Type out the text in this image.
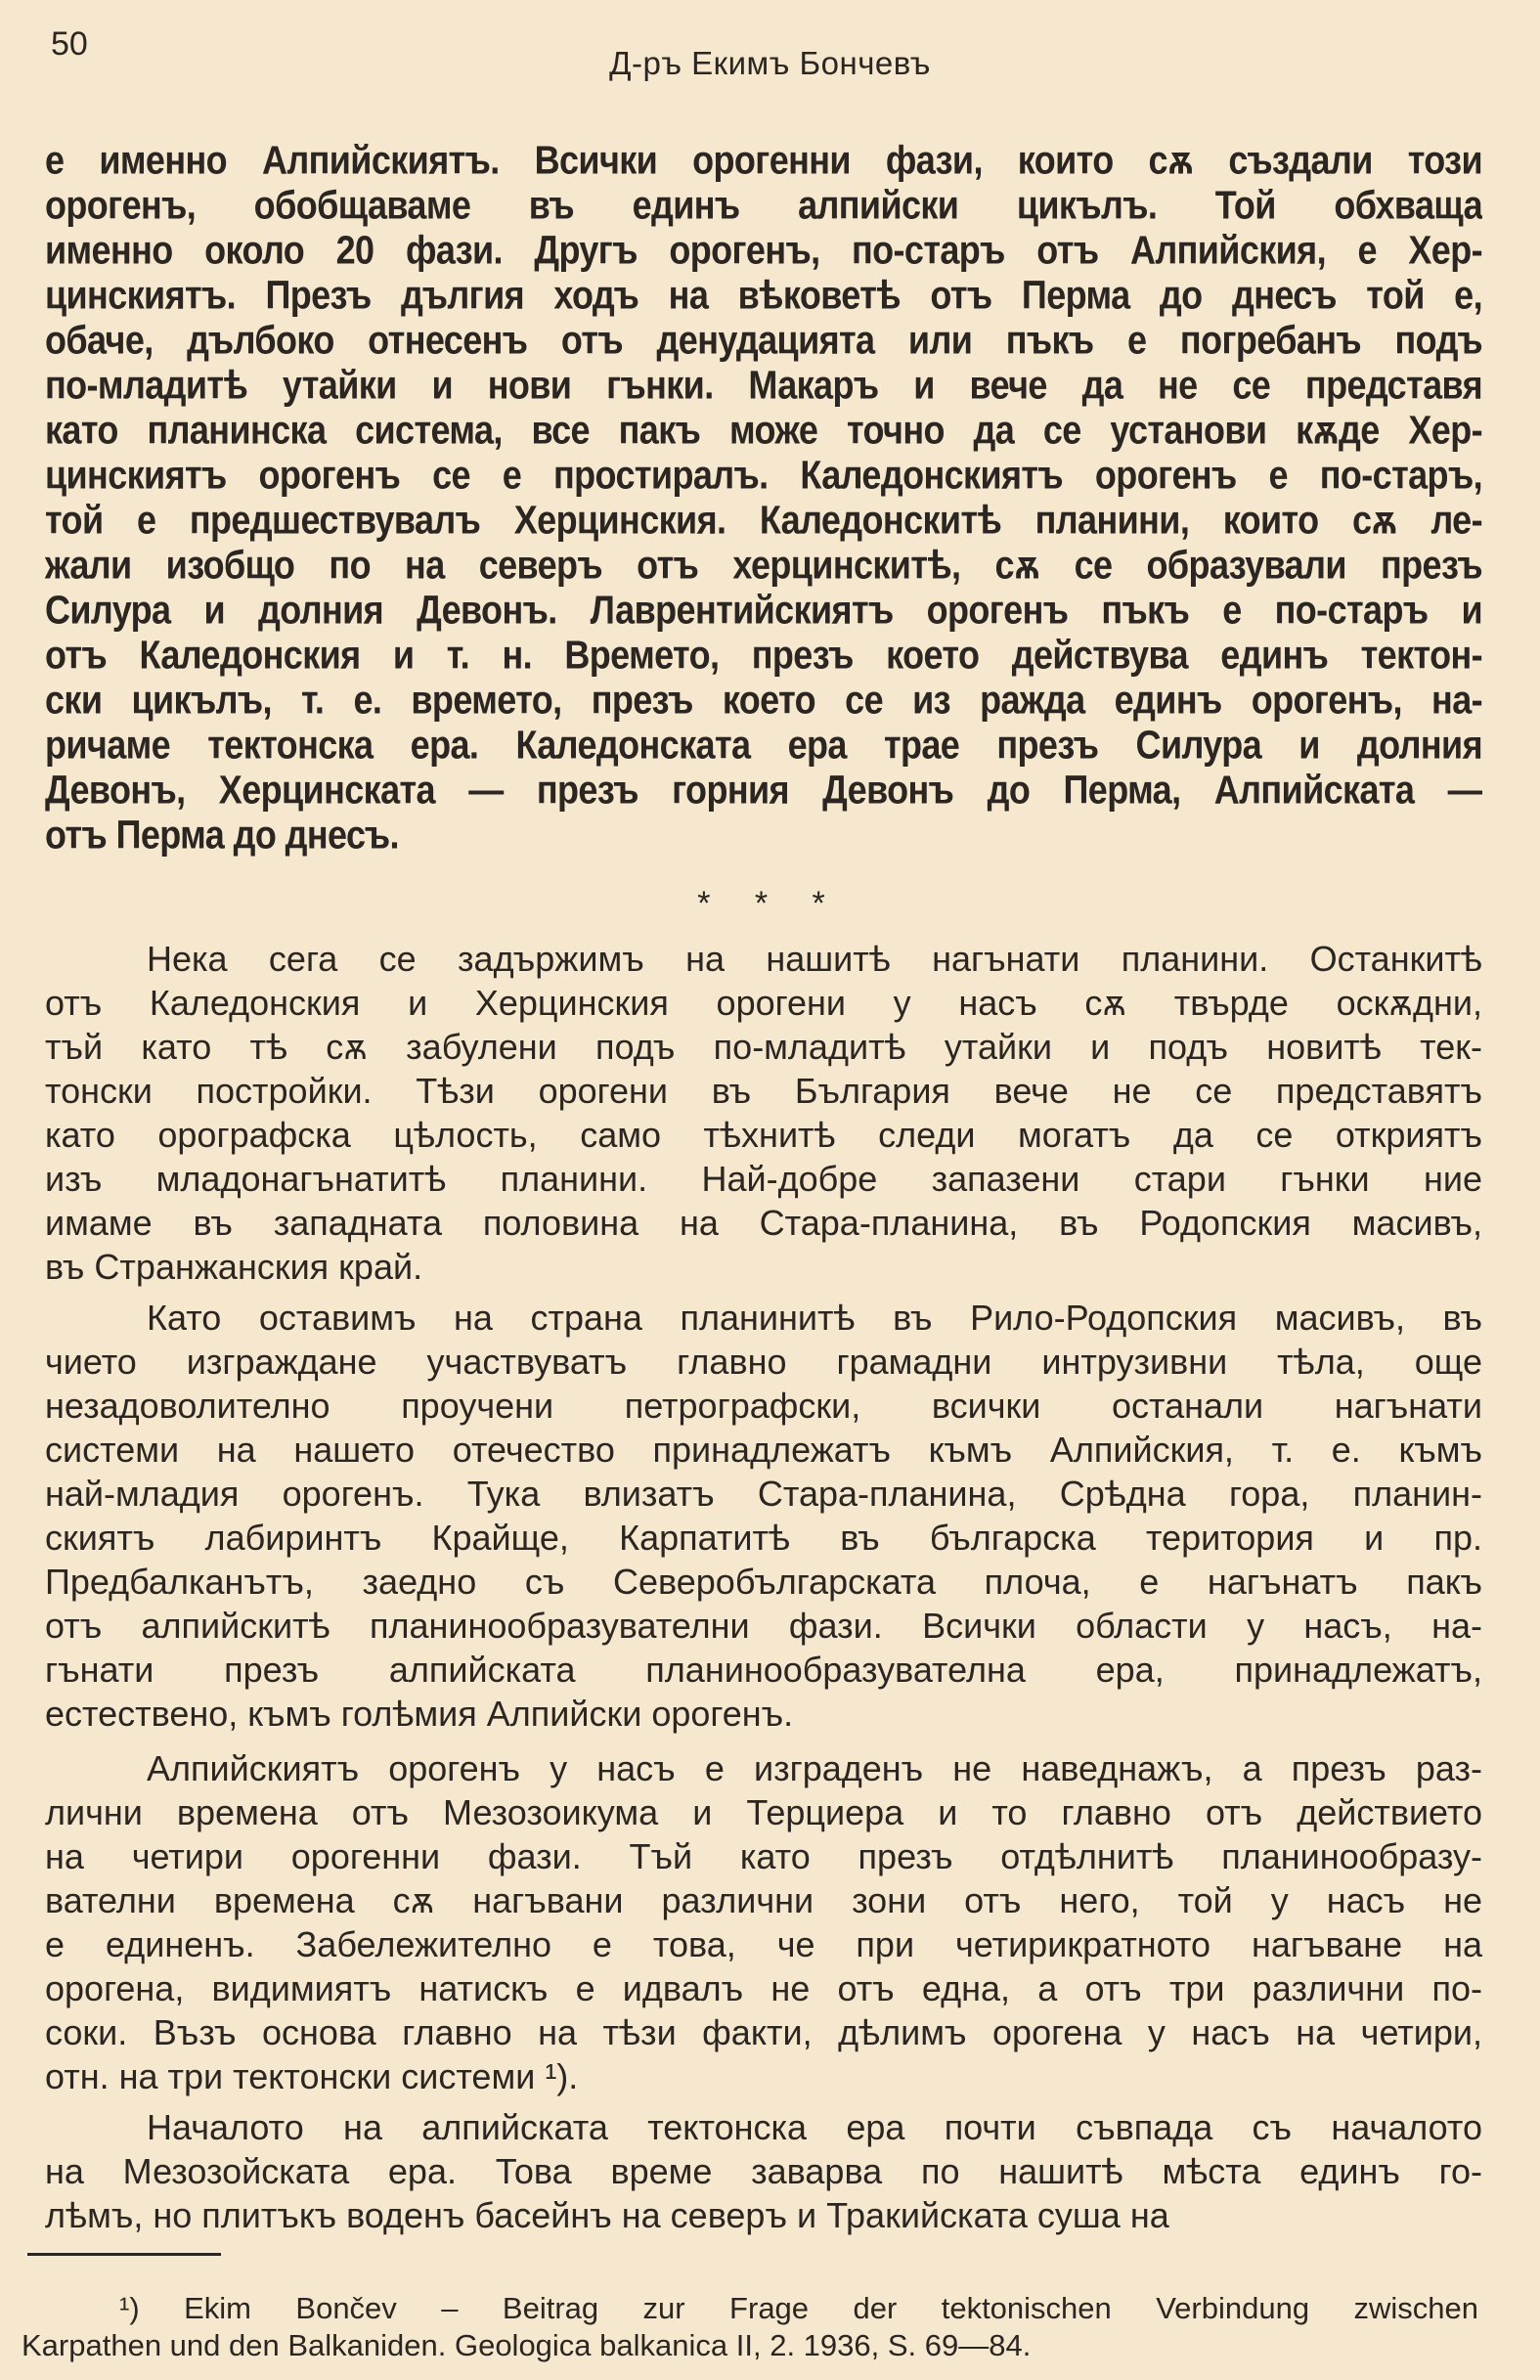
50
Д-ръ Екимъ Бончевъ
е именно Алпийскиятъ. Всички орогенни фази, които сѫ създали този
орогенъ, обобщаваме въ единъ алпийски цикълъ. Той обхваща
именно около 20 фази. Другъ орогенъ, по-старъ отъ Алпийския, е Хер-
цинскиятъ. Презъ дългия ходъ на вѣковетѣ отъ Перма до днесъ той е,
обаче, дълбоко отнесенъ отъ денудацията или пъкъ е погребанъ подъ
по-младитѣ утайки и нови гънки. Макаръ и вече да не се представя
като планинска система, все пакъ може точно да се установи кѫде Хер-
цинскиятъ орогенъ се е простиралъ. Каледонскиятъ орогенъ е по-старъ,
той е предшествувалъ Херцинския. Каледонскитѣ планини, които сѫ ле-
жали изобщо по на северъ отъ херцинскитѣ, сѫ се образували презъ
Силура и долния Девонъ. Лаврентийскиятъ орогенъ пъкъ е по-старъ и
отъ Каледонския и т. н. Времето, презъ което действува единъ тектон-
ски цикълъ, т. е. времето, презъ което се из ражда единъ орогенъ, на-
ричаме тектонска ера. Каледонската ера трае презъ Силура и долния
Девонъ, Херцинската — презъ горния Девонъ до Перма, Алпийската —
отъ Перма до днесъ.
* * *
Нека сега се задържимъ на нашитѣ нагънати планини. Останкитѣ
отъ Каледонския и Херцинския орогени у насъ сѫ твърде оскѫдни,
тъй като тѣ сѫ забулени подъ по-младитѣ утайки и подъ новитѣ тек-
тонски постройки. Тѣзи орогени въ България вече не се представятъ
като орографска цѣлость, само тѣхнитѣ следи могатъ да се откриятъ
изъ младонагънатитѣ планини. Най-добре запазени стари гънки ние
имаме въ западната половина на Стара-планина, въ Родопския масивъ,
въ Странжанския край.
Като оставимъ на страна планинитѣ въ Рило-Родопския масивъ, въ
чието изграждане участвуватъ главно грамадни интрузивни тѣла, още
незадоволително проучени петрографски, всички останали нагънати
системи на нашето отечество принадлежатъ къмъ Алпийския, т. е. къмъ
най-младия орогенъ. Тука влизатъ Стара-планина, Срѣдна гора, планин-
скиятъ лабиринтъ Крайще, Карпатитѣ въ българска територия и пр.
Предбалканътъ, заедно съ Северобългарската плоча, е нагънатъ пакъ
отъ алпийскитѣ планинообразувателни фази. Всички области у насъ, на-
гънати презъ алпийската планинообразувателна ера, принадлежатъ,
естествено, къмъ голѣмия Алпийски орогенъ.
Алпийскиятъ орогенъ у насъ е изграденъ не наведнажъ, а презъ раз-
лични времена отъ Мезозоикума и Терциера и то главно отъ действието
на четири орогенни фази. Тъй като презъ отдѣлнитѣ планинообразу-
вателни времена сѫ нагъвани различни зони отъ него, той у насъ не
е единенъ. Забележително е това, че при четирикратното нагъване на
орогена, видимиятъ натискъ е идвалъ не отъ една, а отъ три различни по-
соки. Възъ основа главно на тѣзи факти, дѣлимъ орогена у насъ на четири,
отн. на три тектонски системи ¹).
Началото на алпийската тектонска ера почти съвпада съ началото
на Мезозойската ера. Това време заварва по нашитѣ мѣста единъ го-
лѣмъ, но плитъкъ воденъ басейнъ на северъ и Тракийската суша на
¹) Ekim Bončev – Beitrag zur Frage der tektonischen Verbindung zwischen
Karpathen und den Balkaniden. Geologica balkanica II, 2. 1936, S. 69—84.
